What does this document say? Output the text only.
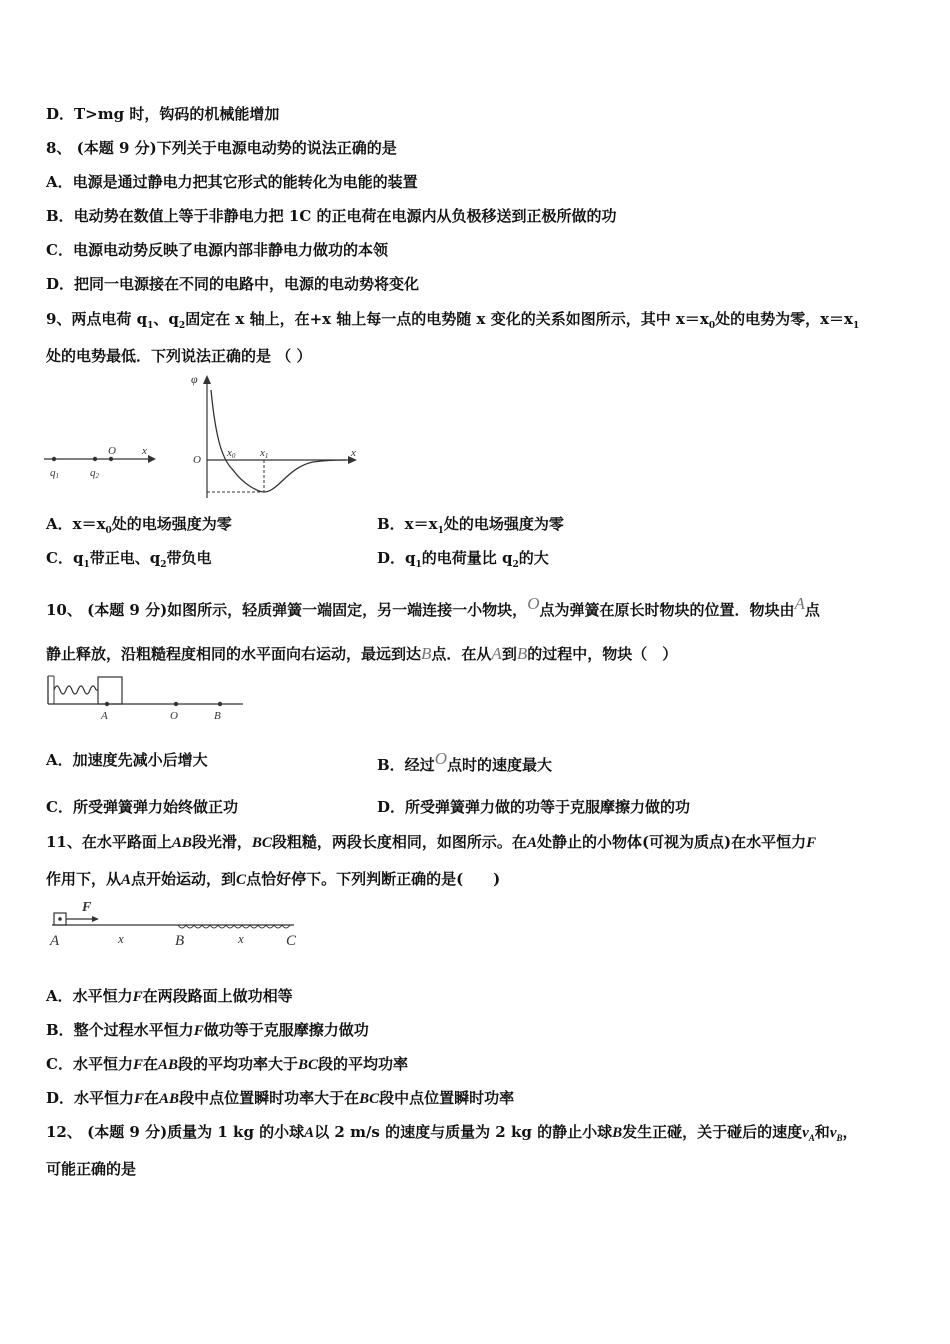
D．T>mg 时，钩码的机械能增加
8、 (本题 9 分)下列关于电源电动势的说法正确的是
A．电源是通过静电力把其它形式的能转化为电能的装置
B．电动势在数值上等于非静电力把 1C 的正电荷在电源内从负极移送到正极所做的功
C．电源电动势反映了电源内部非静电力做功的本领
D．把同一电源接在不同的电路中，电源的电动势将变化
9、两点电荷 $q_1$、$q_2$固定在 x 轴上，在+x 轴上每一点的电势随 x 变化的关系如图所示，其中 $x=x_0$处的电势为零，$x=x_1$
处的电势最低．下列说法正确的是 （ ）
q1	q2
O x
φ
O
x0 x1	x
A．$x=x_0$处的电场强度为零	B．$x=x_1$处的电场强度为零
C．$q_1$带正电、$q_2$带负电	D．$q_1$的电荷量比 $q_2$的大
10、 (本题 9 分)如图所示，轻质弹簧一端固定，另一端连接一小物块，$^O$点为弹簧在原长时物块的位置．物块由$^A$点
静止释放，沿粗糙程度相同的水平面向右运动，最远到达B点．在从A到B的过程中，物块（　）
A	O	B
A．加速度先减小后增大	B．经过$^O$点时的速度最大
C．所受弹簧弹力始终做正功	D．所受弹簧弹力做的功等于克服摩擦力做的功
11、在水平路面上AB段光滑，BC段粗糙，两段长度相同，如图所示。在A处静止的小物体(可视为质点)在水平恒力F
作用下，从A点开始运动，到C点恰好停下。下列判断正确的是(　　)
F
A	x	B	x	C
A．水平恒力F在两段路面上做功相等
B．整个过程水平恒力F做功等于克服摩擦力做功
C．水平恒力F在AB段的平均功率大于BC段的平均功率
D．水平恒力F在AB段中点位置瞬时功率大于在BC段中点位置瞬时功率
12、 (本题 9 分)质量为 1 kg 的小球A以 2 m/s 的速度与质量为 2 kg 的静止小球B发生正碰，关于碰后的速度$v_A$和$v_B$，
可能正确的是
